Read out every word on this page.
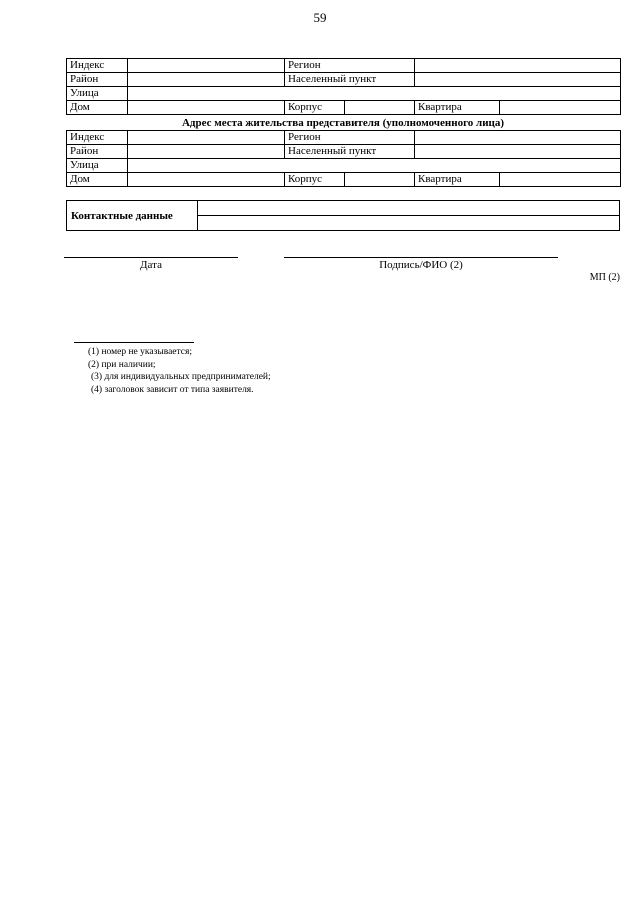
59
Индекс		Регион			
Район		Населенный пункт			
Улица					
Дом		Корпус		Квартира	
Адрес места жительства представителя (уполномоченного лица)
Индекс		Регион			
Район		Населенный пункт			
Улица					
Дом		Корпус		Квартира	
Контактные данные	
Дата	Подпись/ФИО (2)
МП (2)
(1) номер не указывается;
(2) при наличии;
(3) для индивидуальных предпринимателей;
(4) заголовок зависит от типа заявителя.
